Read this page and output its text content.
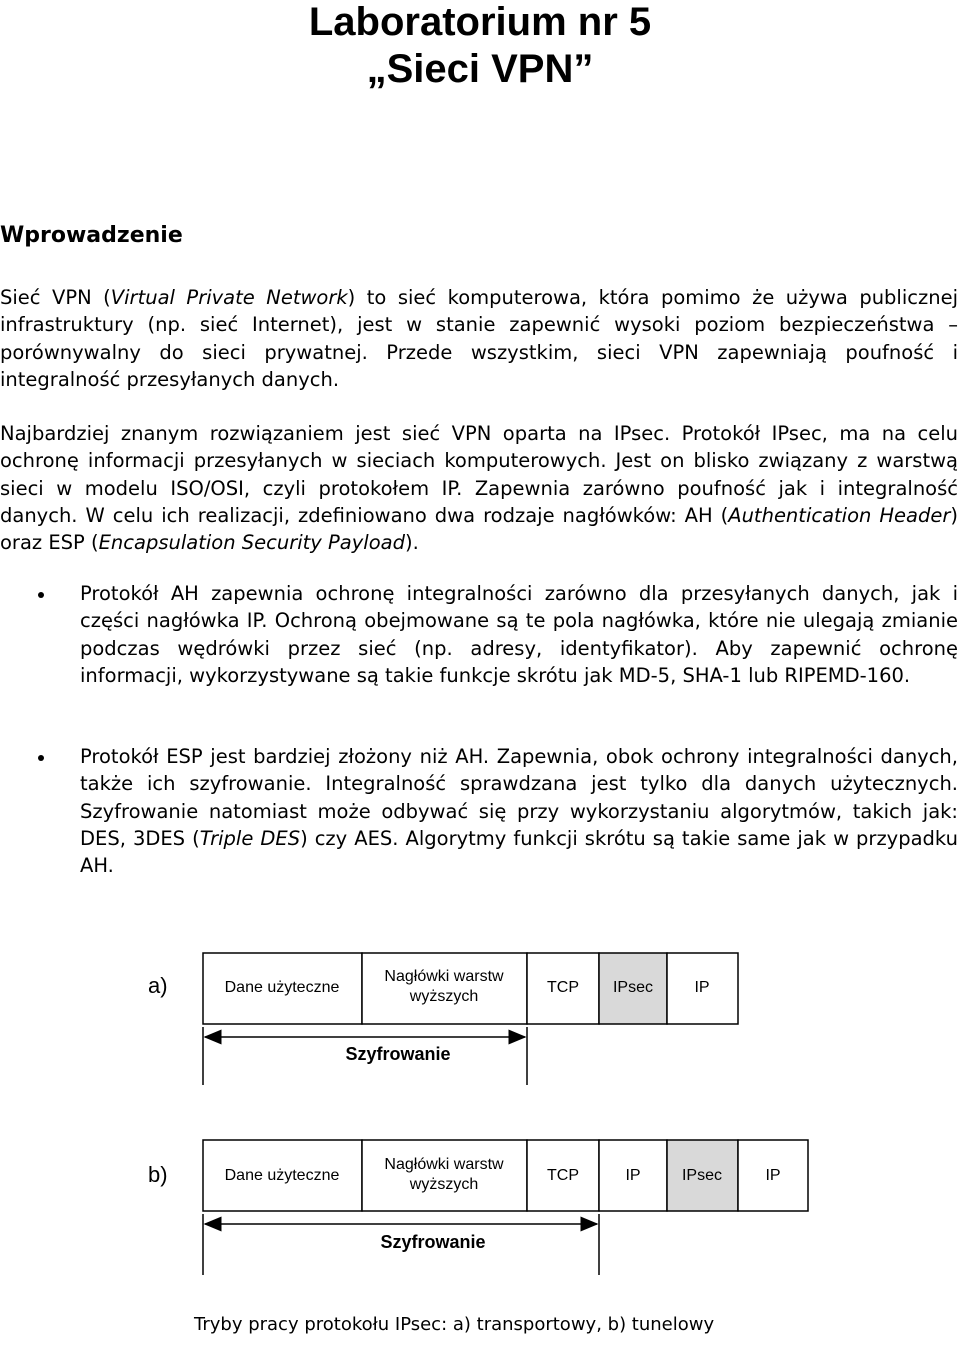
Laboratorium nr 5
„Sieci VPN”
Wprowadzenie

Sieć VPN (Virtual Private Network) to sieć komputerowa, która pomimo że używa publicznej infrastruktury (np. sieć Internet), jest w stanie zapewnić wysoki poziom bezpieczeństwa – porównywalny do sieci prywatnej. Przede wszystkim, sieci VPN zapewniają poufność i integralność przesyłanych danych.

Najbardziej znanym rozwiązaniem jest sieć VPN oparta na IPsec. Protokół IPsec, ma na celu ochronę informacji przesyłanych w sieciach komputerowych. Jest on blisko związany z warstwą sieci w modelu ISO/OSI, czyli protokołem IP. Zapewnia zarówno poufność jak i integralność danych. W celu ich realizacji, zdefiniowano dwa rodzaje nagłówków: AH (Authentication Header) oraz ESP (Encapsulation Security Payload).

Protokół AH zapewnia ochronę integralności zarówno dla przesyłanych danych, jak i części nagłówka IP. Ochroną obejmowane są te pola nagłówka, które nie ulegają zmianie podczas wędrówki przez sieć (np. adresy, identyfikator). Aby zapewnić ochronę informacji, wykorzystywane są takie funkcje skrótu jak MD-5, SHA-1 lub RIPEMD-160.

Protokół ESP jest bardziej złożony niż AH. Zapewnia, obok ochrony integralności danych, także ich szyfrowanie. Integralność sprawdzana jest tylko dla danych użytecznych. Szyfrowanie natomiast może odbywać się przy wykorzystaniu algorytmów, takich jak: DES, 3DES (Triple DES) czy AES. Algorytmy funkcji skrótu są takie same jak w przypadku AH.

a)	Dane użyteczne
Nagłówki warstw
wyższych
TCP IPsec	IP
Szyfrowanie
b)	Dane użyteczne
Nagłówki warstw
wyższych
TCP	IP	IPsec	IP
Szyfrowanie

Tryby pracy protokołu IPsec: a) transportowy, b) tunelowy
